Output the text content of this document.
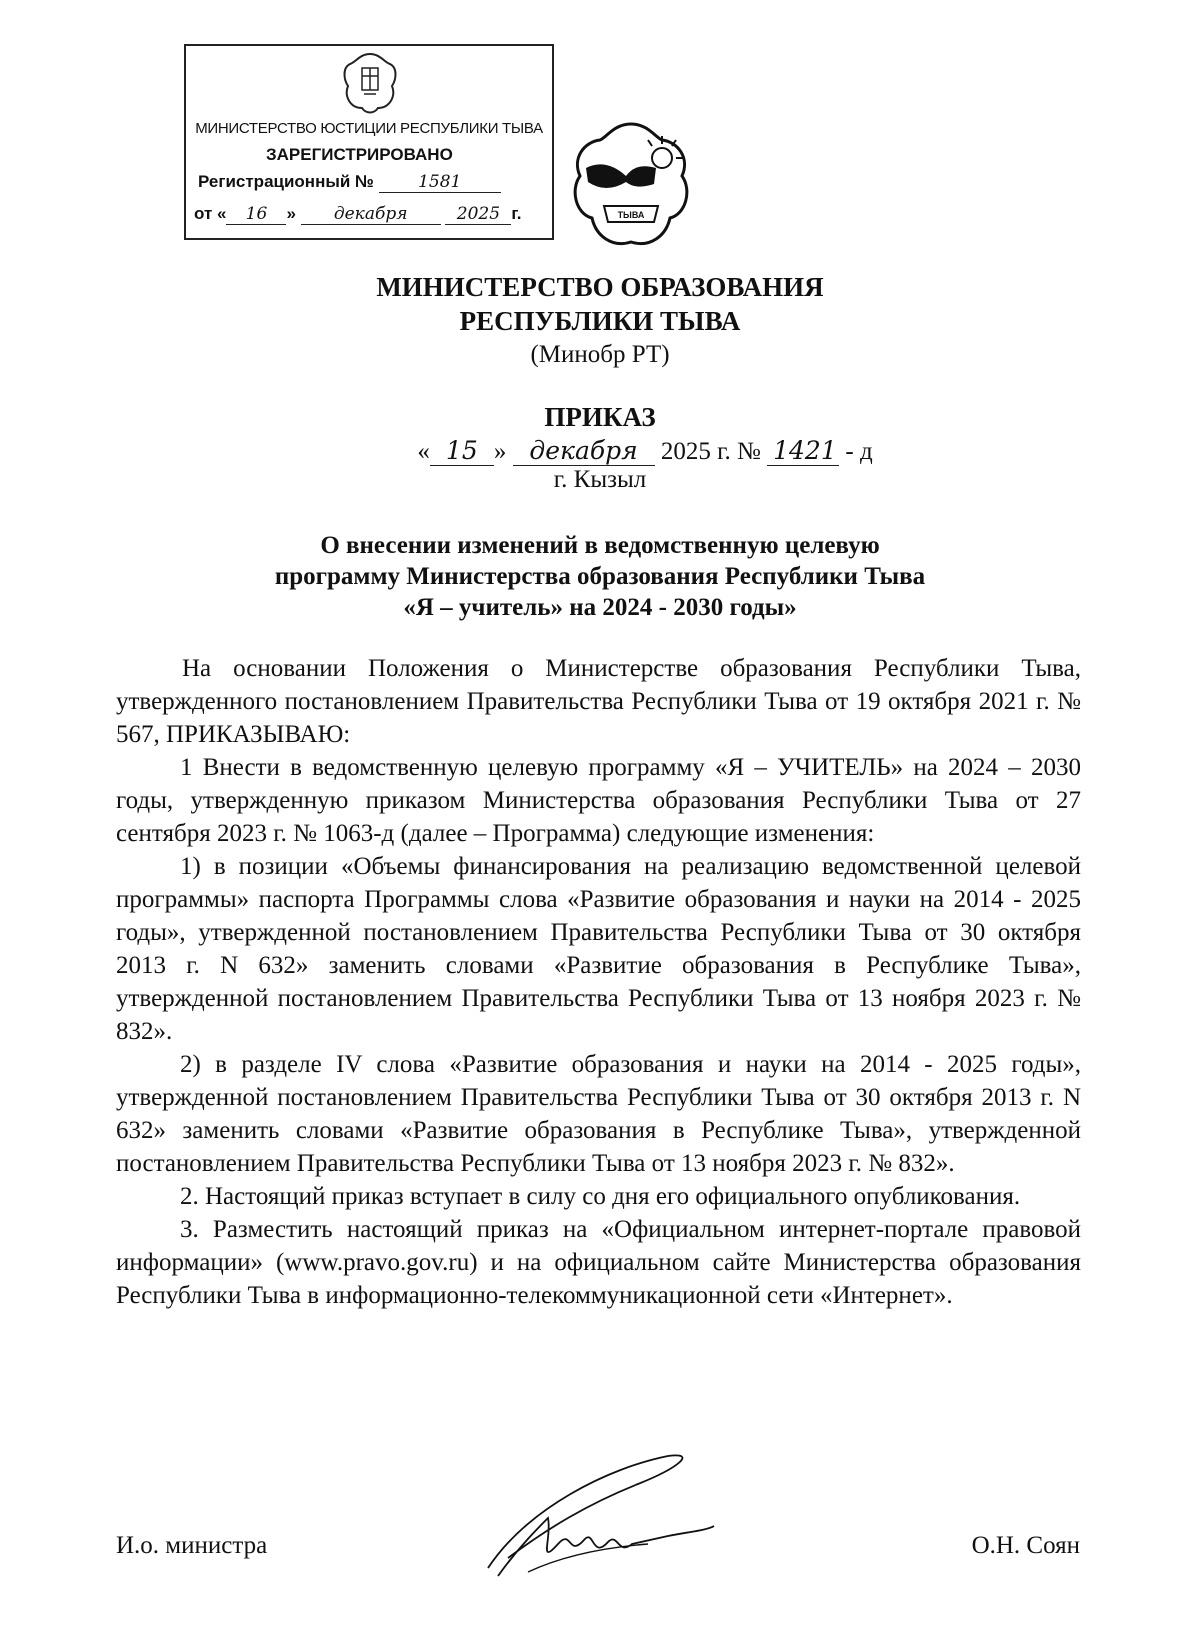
МИНИСТЕРСТВО ЮСТИЦИИ РЕСПУБЛИКИ ТЫВА
ЗАРЕГИСТРИРОВАНО
Регистрационный №	1581
от « 16 » декабря	2025 г.	ТЫВА
МИНИСТЕРСТВО ОБРАЗОВАНИЯ
РЕСПУБЛИКИ ТЫВА
(Минобр РТ)
ПРИКАЗ
« 15 » декабря 2025 г. № 1421 - д
г. Кызыл
О внесении изменений в ведомственную целевую
программу Министерства образования Республики Тыва
«Я – учитель» на 2024 - 2030 годы»

На основании Положения о Министерстве образования Республики Тыва, утвержденного постановлением Правительства Республики Тыва от 19 октября 2021 г. № 567, ПРИКАЗЫВАЮ:

1 Внести в ведомственную целевую программу «Я – УЧИТЕЛЬ» на 2024 – 2030 годы, утвержденную приказом Министерства образования Республики Тыва от 27 сентября 2023 г. № 1063-д (далее – Программа) следующие изменения:

1) в позиции «Объемы финансирования на реализацию ведомственной целевой программы» паспорта Программы слова «Развитие образования и науки на 2014 - 2025 годы», утвержденной постановлением Правительства Республики Тыва от 30 октября 2013 г. N 632» заменить словами «Развитие образования в Республике Тыва», утвержденной постановлением Правительства Республики Тыва от 13 ноября 2023 г. № 832».

2) в разделе IV слова «Развитие образования и науки на 2014 - 2025 годы», утвержденной постановлением Правительства Республики Тыва от 30 октября 2013 г. N 632» заменить словами «Развитие образования в Республике Тыва», утвержденной постановлением Правительства Республики Тыва от 13 ноября 2023 г. № 832».

2. Настоящий приказ вступает в силу со дня его официального опубликования.

3. Разместить настоящий приказ на «Официальном интернет-портале правовой информации» (www.pravo.gov.ru) и на официальном сайте Министерства образования Республики Тыва в информационно-телекоммуникационной сети «Интернет».

И.о. министра	О.Н. Соян
